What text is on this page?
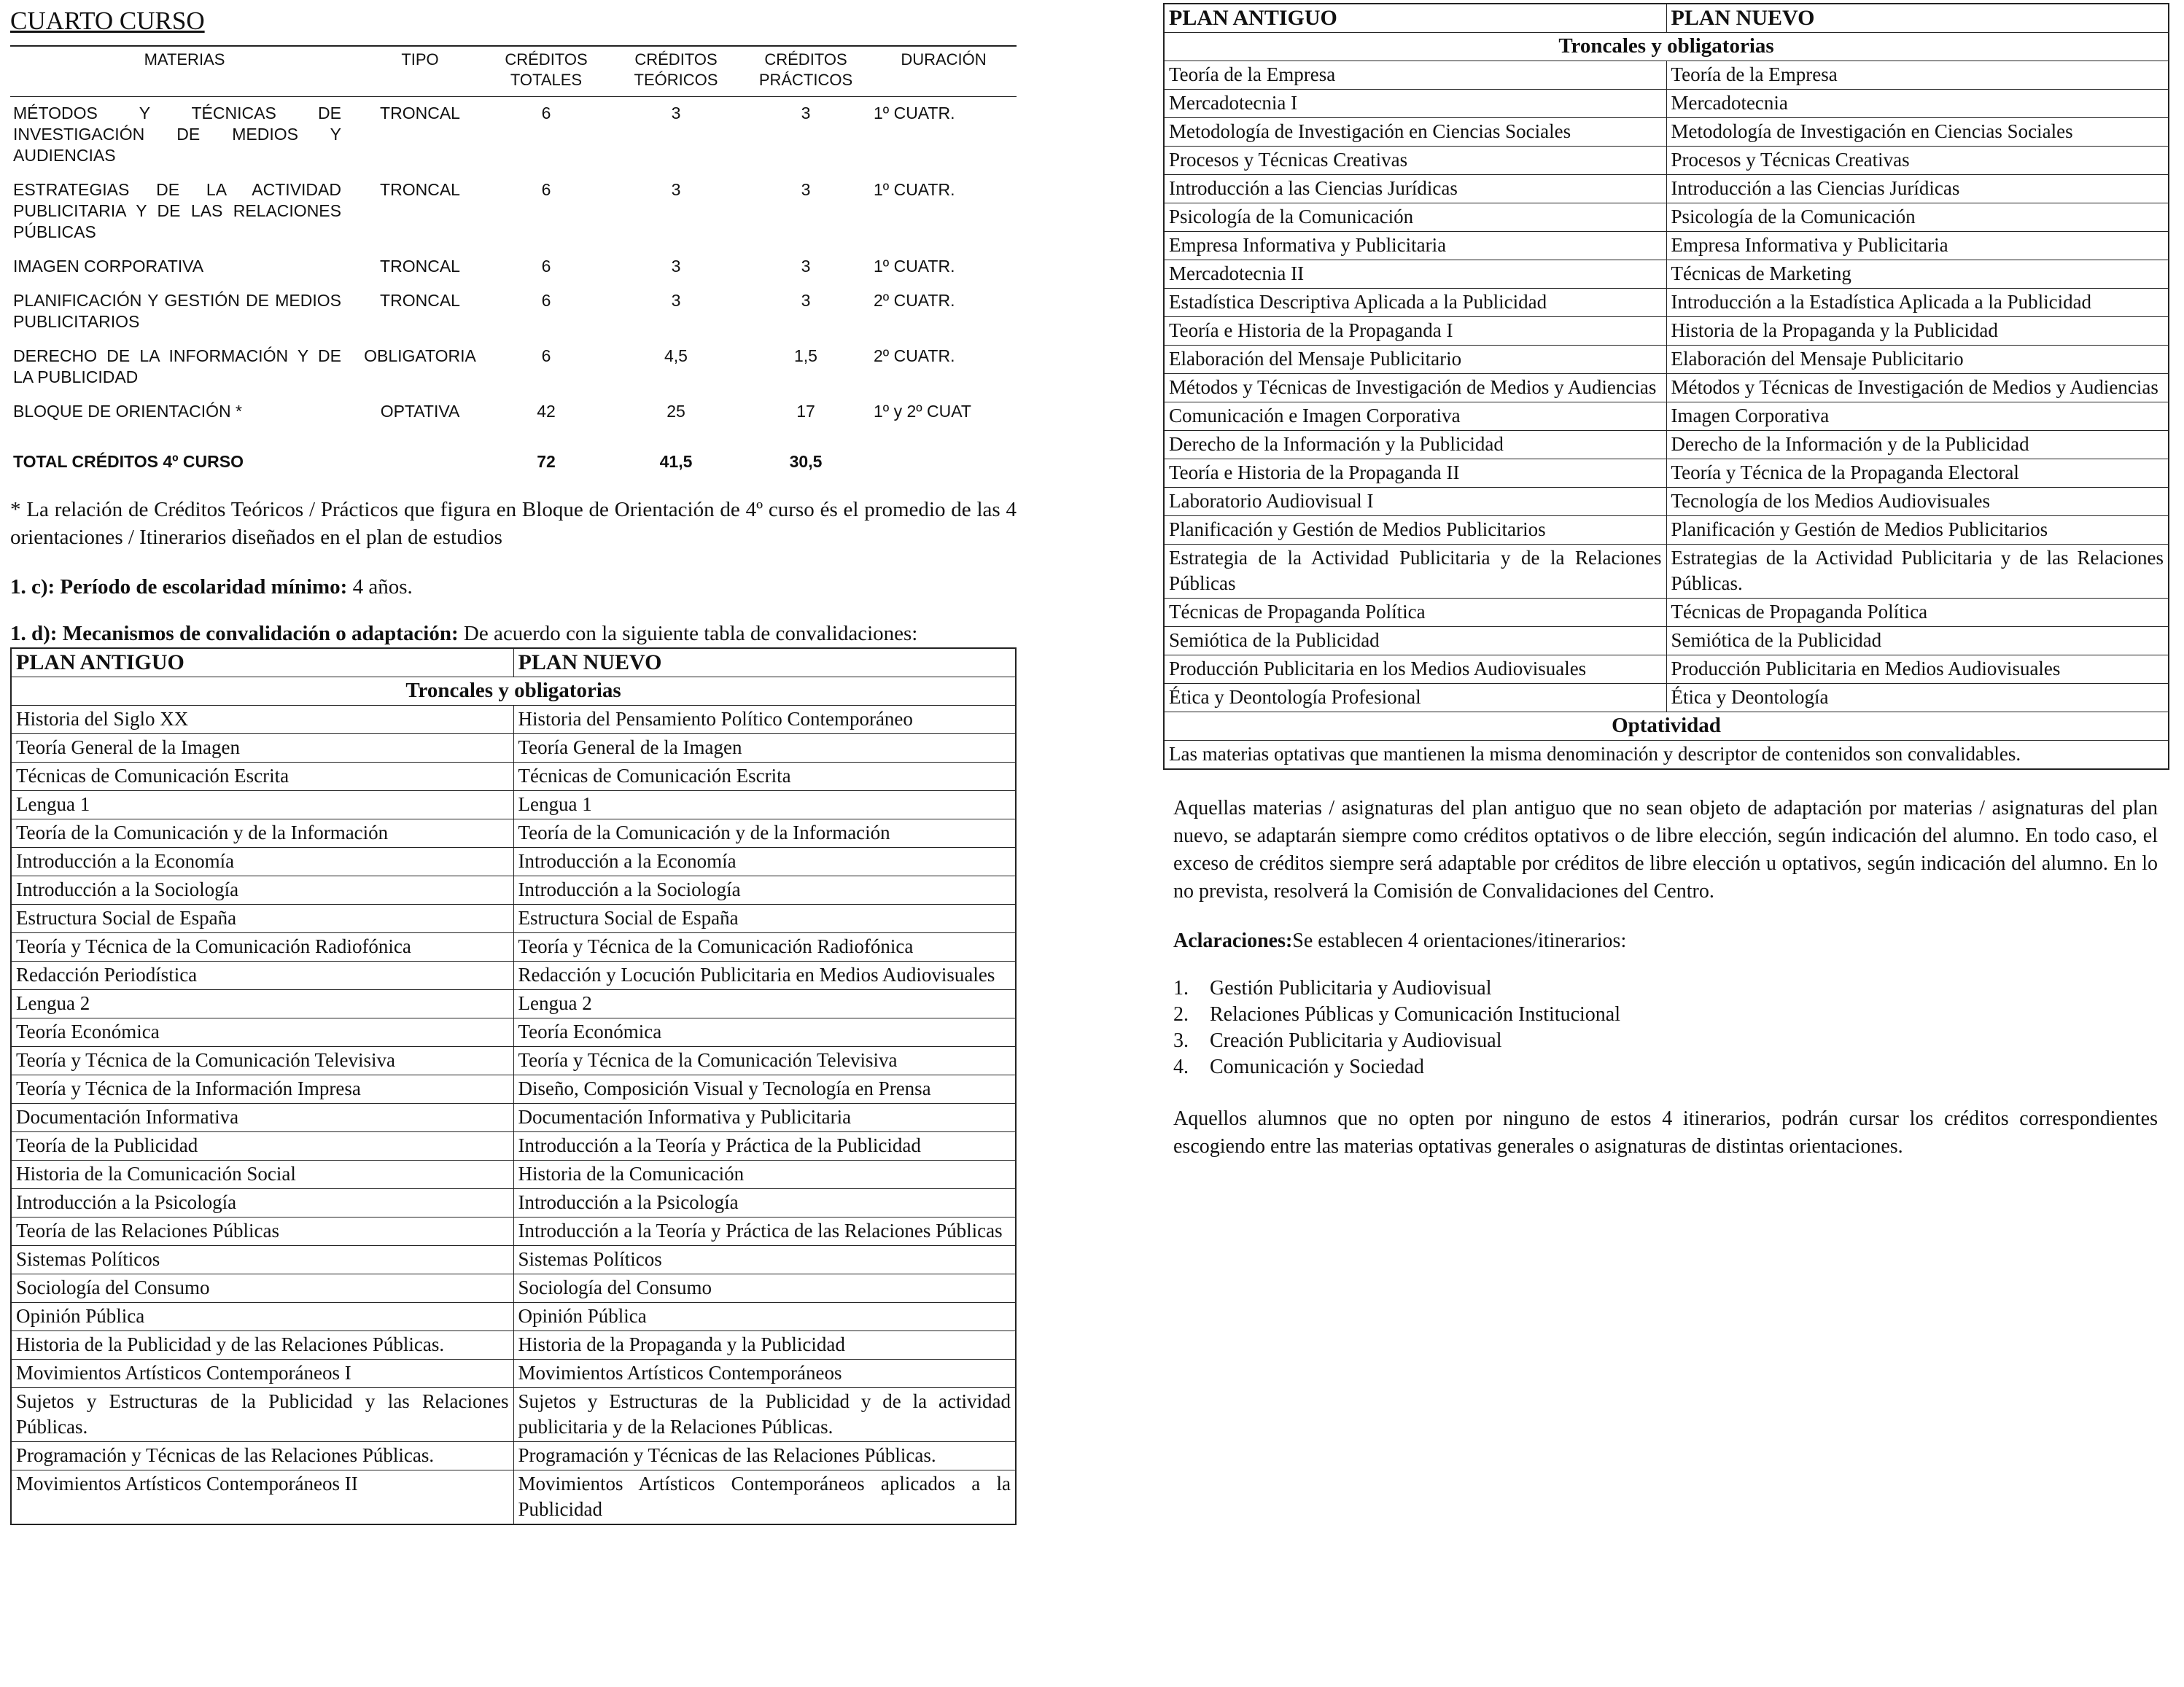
CUARTO CURSO
MATERIAS	TIPO	CRÉDITOS TOTALES	CRÉDITOS TEÓRICOS	CRÉDITOS PRÁCTICOS	DURACIÓN
MÉTODOS Y TÉCNICAS DE INVESTIGACIÓN DE MEDIOS Y AUDIENCIAS	TRONCAL	6	3	3	1º CUATR.
ESTRATEGIAS DE LA ACTIVIDAD PUBLICITARIA Y DE LAS RELACIONES PÚBLICAS	TRONCAL	6	3	3	1º CUATR.
IMAGEN CORPORATIVA	TRONCAL	6	3	3	1º CUATR.
PLANIFICACIÓN Y GESTIÓN DE MEDIOS PUBLICITARIOS	TRONCAL	6	3	3	2º CUATR.
DERECHO DE LA INFORMACIÓN Y DE LA PUBLICIDAD	OBLIGATORIA	6	4,5	1,5	2º CUATR.
BLOQUE DE ORIENTACIÓN *	OPTATIVA	42	25	17	1º y 2º CUAT
TOTAL CRÉDITOS 4º CURSO		72	41,5	30,5	

* La relación de Créditos Teóricos / Prácticos que figura en Bloque de Orientación de 4º curso és el promedio de las 4 orientaciones / Itinerarios diseñados en el plan de estudios

1. c): Período de escolaridad mínimo: 4 años.

1. d): Mecanismos de convalidación o adaptación: De acuerdo con la siguiente tabla de convalidaciones:

PLAN ANTIGUO	PLAN NUEVO
Troncales y obligatorias	
Historia del Siglo XX	Historia del Pensamiento Político Contemporáneo
Teoría General de la Imagen	Teoría General de la Imagen
Técnicas de Comunicación Escrita	Técnicas de Comunicación Escrita
Lengua 1	Lengua 1
Teoría de la Comunicación y de la Información	Teoría de la Comunicación y de la Información
Introducción a la Economía	Introducción a la Economía
Introducción a la Sociología	Introducción a la Sociología
Estructura Social de España	Estructura Social de España
Teoría y Técnica de la Comunicación Radiofónica	Teoría y Técnica de la Comunicación Radiofónica
Redacción Periodística	Redacción y Locución Publicitaria en Medios Audiovisuales
Lengua 2	Lengua 2
Teoría Económica	Teoría Económica
Teoría y Técnica de la Comunicación Televisiva	Teoría y Técnica de la Comunicación Televisiva
Teoría y Técnica de la Información Impresa	Diseño, Composición Visual y Tecnología en Prensa
Documentación Informativa	Documentación Informativa y Publicitaria
Teoría de la Publicidad	Introducción a la Teoría y Práctica de la Publicidad
Historia de la Comunicación Social	Historia de la Comunicación
Introducción a la Psicología	Introducción a la Psicología
Teoría de las Relaciones Públicas	Introducción a la Teoría y Práctica de las Relaciones Públicas
Sistemas Políticos	Sistemas Políticos
Sociología del Consumo	Sociología del Consumo
Opinión Pública	Opinión Pública
Historia de la Publicidad y de las Relaciones Públicas.	Historia de la Propaganda y la Publicidad
Movimientos Artísticos Contemporáneos I	Movimientos Artísticos Contemporáneos
Sujetos y Estructuras de la Publicidad y las Relaciones Públicas.	Sujetos y Estructuras de la Publicidad y de la actividad publicitaria y de la Relaciones Públicas.
Programación y Técnicas de las Relaciones Públicas.	Programación y Técnicas de las Relaciones Públicas.
Movimientos Artísticos Contemporáneos II	Movimientos Artísticos Contemporáneos aplicados a la Publicidad
PLAN ANTIGUO	PLAN NUEVO
Troncales y obligatorias	
Teoría de la Empresa	Teoría de la Empresa
Mercadotecnia I	Mercadotecnia
Metodología de Investigación en Ciencias Sociales	Metodología de Investigación en Ciencias Sociales
Procesos y Técnicas Creativas	Procesos y Técnicas Creativas
Introducción a las Ciencias Jurídicas	Introducción a las Ciencias Jurídicas
Psicología de la Comunicación	Psicología de la Comunicación
Empresa Informativa y Publicitaria	Empresa Informativa y Publicitaria
Mercadotecnia II	Técnicas de Marketing
Estadística Descriptiva Aplicada a la Publicidad	Introducción a la Estadística Aplicada a la Publicidad
Teoría e Historia de la Propaganda I	Historia de la Propaganda y la Publicidad
Elaboración del Mensaje Publicitario	Elaboración del Mensaje Publicitario
Métodos y Técnicas de Investigación de Medios y Audiencias	Métodos y Técnicas de Investigación de Medios y Audiencias
Comunicación e Imagen Corporativa	Imagen Corporativa
Derecho de la Información y la Publicidad	Derecho de la Información y de la Publicidad
Teoría e Historia de la Propaganda II	Teoría y Técnica de la Propaganda Electoral
Laboratorio Audiovisual I	Tecnología de los Medios Audiovisuales
Planificación y Gestión de Medios Publicitarios	Planificación y Gestión de Medios Publicitarios
Estrategia de la Actividad Publicitaria y de la Relaciones Públicas	Estrategias de la Actividad Publicitaria y de las Relaciones Públicas.
Técnicas de Propaganda Política	Técnicas de Propaganda Política
Semiótica de la Publicidad	Semiótica de la Publicidad
Producción Publicitaria en los Medios Audiovisuales	Producción Publicitaria en Medios Audiovisuales
Ética y Deontología Profesional	Ética y Deontología
Optatividad	
Las materias optativas que mantienen la misma denominación y descriptor de contenidos son convalidables.	

Aquellas materias / asignaturas del plan antiguo que no sean objeto de adaptación por materias / asignaturas del plan nuevo, se adaptarán siempre como créditos optativos o de libre elección, según indicación del alumno. En todo caso, el exceso de créditos siempre será adaptable por créditos de libre elección u optativos, según indicación del alumno. En lo no prevista, resolverá la Comisión de Convalidaciones del Centro.

Aclaraciones:Se establecen 4 orientaciones/itinerarios:

1. Gestión Publicitaria y Audiovisual
2. Relaciones Públicas y Comunicación Institucional
3. Creación Publicitaria y Audiovisual
4. Comunicación y Sociedad

Aquellos alumnos que no opten por ninguno de estos 4 itinerarios, podrán cursar los créditos correspondientes escogiendo entre las materias optativas generales o asignaturas de distintas orientaciones.
